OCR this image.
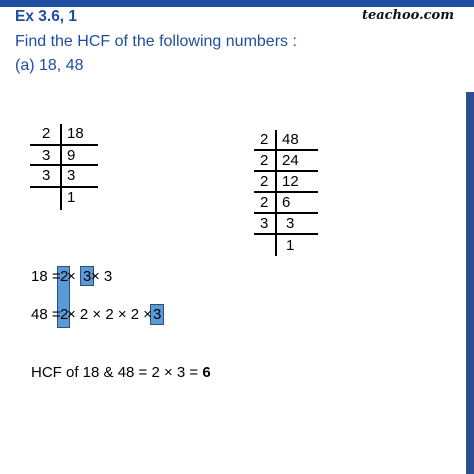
Ex 3.6, 1	teachoo.com
Find the HCF of the following numbers :
(a) 18, 48
2 18
3 9
3 3
1
2 48
2 24
2 12
2 6
3 3
1
18 = 2
× 3 × 3
48 = 2
× 2 × 2 × 2 × 3
HCF of 18 & 48 = 2 × 3 = 6
